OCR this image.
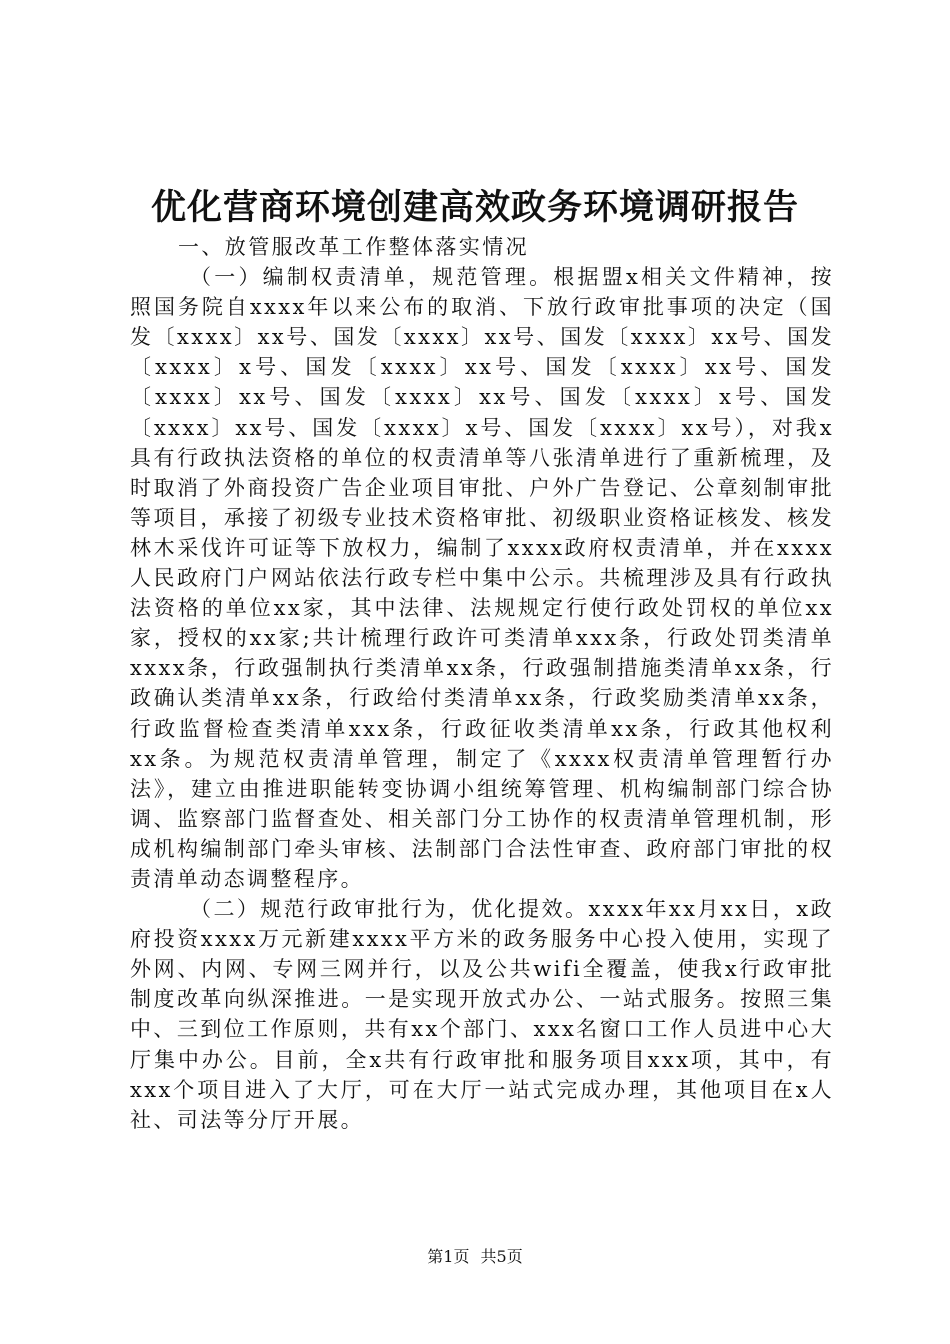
优化营商环境创建高效政务环境调研报告

一、放管服改革工作整体落实情况

（一）编制权责清单，规范管理。根据盟x相关文件精神，按照国务院自xxxx年以来公布的取消、下放行政审批事项的决定（国发〔xxxx〕xx号、国发〔xxxx〕xx号、国发〔xxxx〕xx号、国发〔xxxx〕x号、国发〔xxxx〕xx号、国发〔xxxx〕xx号、国发〔xxxx〕xx号、国发〔xxxx〕xx号、国发〔xxxx〕x号、国发〔xxxx〕xx号、国发〔xxxx〕x号、国发〔xxxx〕xx号），对我x具有行政执法资格的单位的权责清单等八张清单进行了重新梳理，及时取消了外商投资广告企业项目审批、户外广告登记、公章刻制审批等项目，承接了初级专业技术资格审批、初级职业资格证核发、核发林木采伐许可证等下放权力，编制了xxxx政府权责清单，并在xxxx人民政府门户网站依法行政专栏中集中公示。共梳理涉及具有行政执法资格的单位xx家，其中法律、法规规定行使行政处罚权的单位xx家，授权的xx家;共计梳理行政许可类清单xxx条，行政处罚类清单xxxx条，行政强制执行类清单xx条，行政强制措施类清单xx条，行政确认类清单xx条，行政给付类清单xx条，行政奖励类清单xx条，行政监督检查类清单xxx条，行政征收类清单xx条，行政其他权利xx条。为规范权责清单管理，制定了《xxxx权责清单管理暂行办法》，建立由推进职能转变协调小组统筹管理、机构编制部门综合协调、监察部门监督查处、相关部门分工协作的权责清单管理机制，形成机构编制部门牵头审核、法制部门合法性审查、政府部门审批的权责清单动态调整程序。

（二）规范行政审批行为，优化提效。xxxx年xx月xx日，x政府投资xxxx万元新建xxxx平方米的政务服务中心投入使用，实现了外网、内网、专网三网并行，以及公共wifi全覆盖，使我x行政审批制度改革向纵深推进。一是实现开放式办公、一站式服务。按照三集中、三到位工作原则，共有xx个部门、xxx名窗口工作人员进中心大厅集中办公。目前，全x共有行政审批和服务项目xxx项，其中，有xxx个项目进入了大厅，可在大厅一站式完成办理，其他项目在x人社、司法等分厅开展。

第1页 共5页
